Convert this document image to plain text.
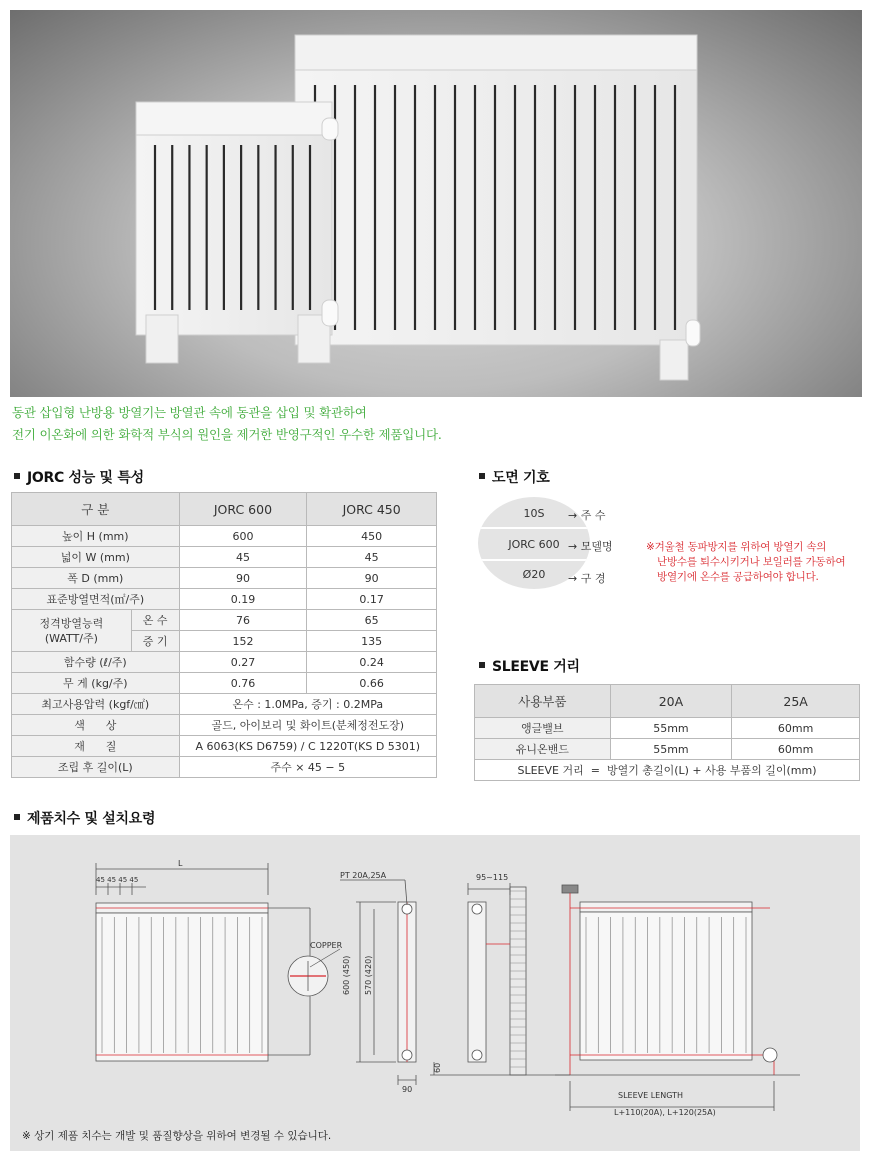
동관 삽입형 난방용 방열기는 방열관 속에 동관을 삽입 및 확관하여
전기 이온화에 의한 화학적 부식의 원인을 제거한 반영구적인 우수한 제품입니다.
JORC 성능 및 특성
구 분		JORC 600	JORC 450
높이 H (mm)		600	450
넓이 W (mm)		45	45
폭 D (mm)		90	90
표준방열면적(㎡/주)		0.19	0.17
정격방열능력
(WATT/주)	온 수	76	65
	증 기	152	135
함수량 (ℓ/주)		0.27	0.24
무 게 (kg/주)		0.76	0.66
최고사용압력 (kgf/㎠)		온수 : 1.0MPa, 증기 : 0.2MPa	
색      상		골드, 아이보리 및 화이트(분체정전도장)	
재      질		A 6063(KS D6759) / C 1220T(KS D 5301)	
조립 후 길이(L)		주수 × 45 − 5	
도면 기호
10S
JORC 600
Ø20
→ 주 수
→ 모델명
→ 구 경
※겨울철 동파방지를 위하여 방열기 속의
난방수를 퇴수시키거나 보일러를 가동하여
방열기에 온수를 공급하여야 합니다.
SLEEVE 거리
사용부품	20A	25A
앵글밸브	55mm	60mm
유니온밴드	55mm	60mm
SLEEVE 거리  =  방열기 총길이(L) + 사용 부품의 길이(mm)		
제품치수 및 설치요령
L
45 45 45 45
COPPER
PT 20A,25A
600 (450) 570 (420)
90
95~115
60
SLEEVE LENGTH
L+110(20A), L+120(25A)
※ 상기 제품 치수는 개발 및 품질향상을 위하여 변경될 수 있습니다.
